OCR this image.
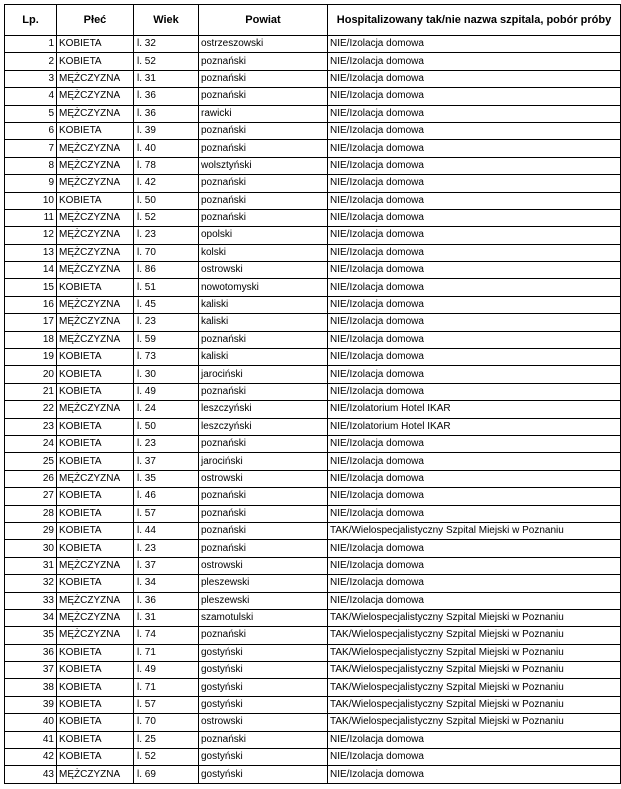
Lp.	Płeć	Wiek	Powiat	Hospitalizowany tak/nie nazwa szpitala, pobór próby
1	KOBIETA	l. 32	ostrzeszowski	NIE/Izolacja domowa
2	KOBIETA	l. 52	poznański	NIE/Izolacja domowa
3	MĘŻCZYZNA	l. 31	poznański	NIE/Izolacja domowa
4	MĘŻCZYZNA	l. 36	poznański	NIE/Izolacja domowa
5	MĘŻCZYZNA	l. 36	rawicki	NIE/Izolacja domowa
6	KOBIETA	l. 39	poznański	NIE/Izolacja domowa
7	MĘŻCZYZNA	l. 40	poznański	NIE/Izolacja domowa
8	MĘŻCZYZNA	l. 78	wolsztyński	NIE/Izolacja domowa
9	MĘŻCZYZNA	l. 42	poznański	NIE/Izolacja domowa
10	KOBIETA	l. 50	poznański	NIE/Izolacja domowa
11	MĘŻCZYZNA	l. 52	poznański	NIE/Izolacja domowa
12	MĘŻCZYZNA	l. 23	opolski	NIE/Izolacja domowa
13	MĘŻCZYZNA	l. 70	kolski	NIE/Izolacja domowa
14	MĘŻCZYZNA	l. 86	ostrowski	NIE/Izolacja domowa
15	KOBIETA	l. 51	nowotomyski	NIE/Izolacja domowa
16	MĘŻCZYZNA	l. 45	kaliski	NIE/Izolacja domowa
17	MĘŻCZYZNA	l. 23	kaliski	NIE/Izolacja domowa
18	MĘŻCZYZNA	l. 59	poznański	NIE/Izolacja domowa
19	KOBIETA	l. 73	kaliski	NIE/Izolacja domowa
20	KOBIETA	l. 30	jarociński	NIE/Izolacja domowa
21	KOBIETA	l. 49	poznański	NIE/Izolacja domowa
22	MĘŻCZYZNA	l. 24	leszczyński	NIE/Izolatorium Hotel IKAR
23	KOBIETA	l. 50	leszczyński	NIE/Izolatorium Hotel IKAR
24	KOBIETA	l. 23	poznański	NIE/Izolacja domowa
25	KOBIETA	l. 37	jarociński	NIE/Izolacja domowa
26	MĘŻCZYZNA	l. 35	ostrowski	NIE/Izolacja domowa
27	KOBIETA	l. 46	poznański	NIE/Izolacja domowa
28	KOBIETA	l. 57	poznański	NIE/Izolacja domowa
29	KOBIETA	l. 44	poznański	TAK/Wielospecjalistyczny Szpital Miejski w Poznaniu
30	KOBIETA	l. 23	poznański	NIE/Izolacja domowa
31	MĘŻCZYZNA	l. 37	ostrowski	NIE/Izolacja domowa
32	KOBIETA	l. 34	pleszewski	NIE/Izolacja domowa
33	MĘŻCZYZNA	l. 36	pleszewski	NIE/Izolacja domowa
34	MĘŻCZYZNA	l. 31	szamotulski	TAK/Wielospecjalistyczny Szpital Miejski w Poznaniu
35	MĘŻCZYZNA	l. 74	poznański	TAK/Wielospecjalistyczny Szpital Miejski w Poznaniu
36	KOBIETA	l. 71	gostyński	TAK/Wielospecjalistyczny Szpital Miejski w Poznaniu
37	KOBIETA	l. 49	gostyński	TAK/Wielospecjalistyczny Szpital Miejski w Poznaniu
38	KOBIETA	l. 71	gostyński	TAK/Wielospecjalistyczny Szpital Miejski w Poznaniu
39	KOBIETA	l. 57	gostyński	TAK/Wielospecjalistyczny Szpital Miejski w Poznaniu
40	KOBIETA	l. 70	ostrowski	TAK/Wielospecjalistyczny Szpital Miejski w Poznaniu
41	KOBIETA	l. 25	poznański	NIE/Izolacja domowa
42	KOBIETA	l. 52	gostyński	NIE/Izolacja domowa
43	MĘŻCZYZNA	l. 69	gostyński	NIE/Izolacja domowa
